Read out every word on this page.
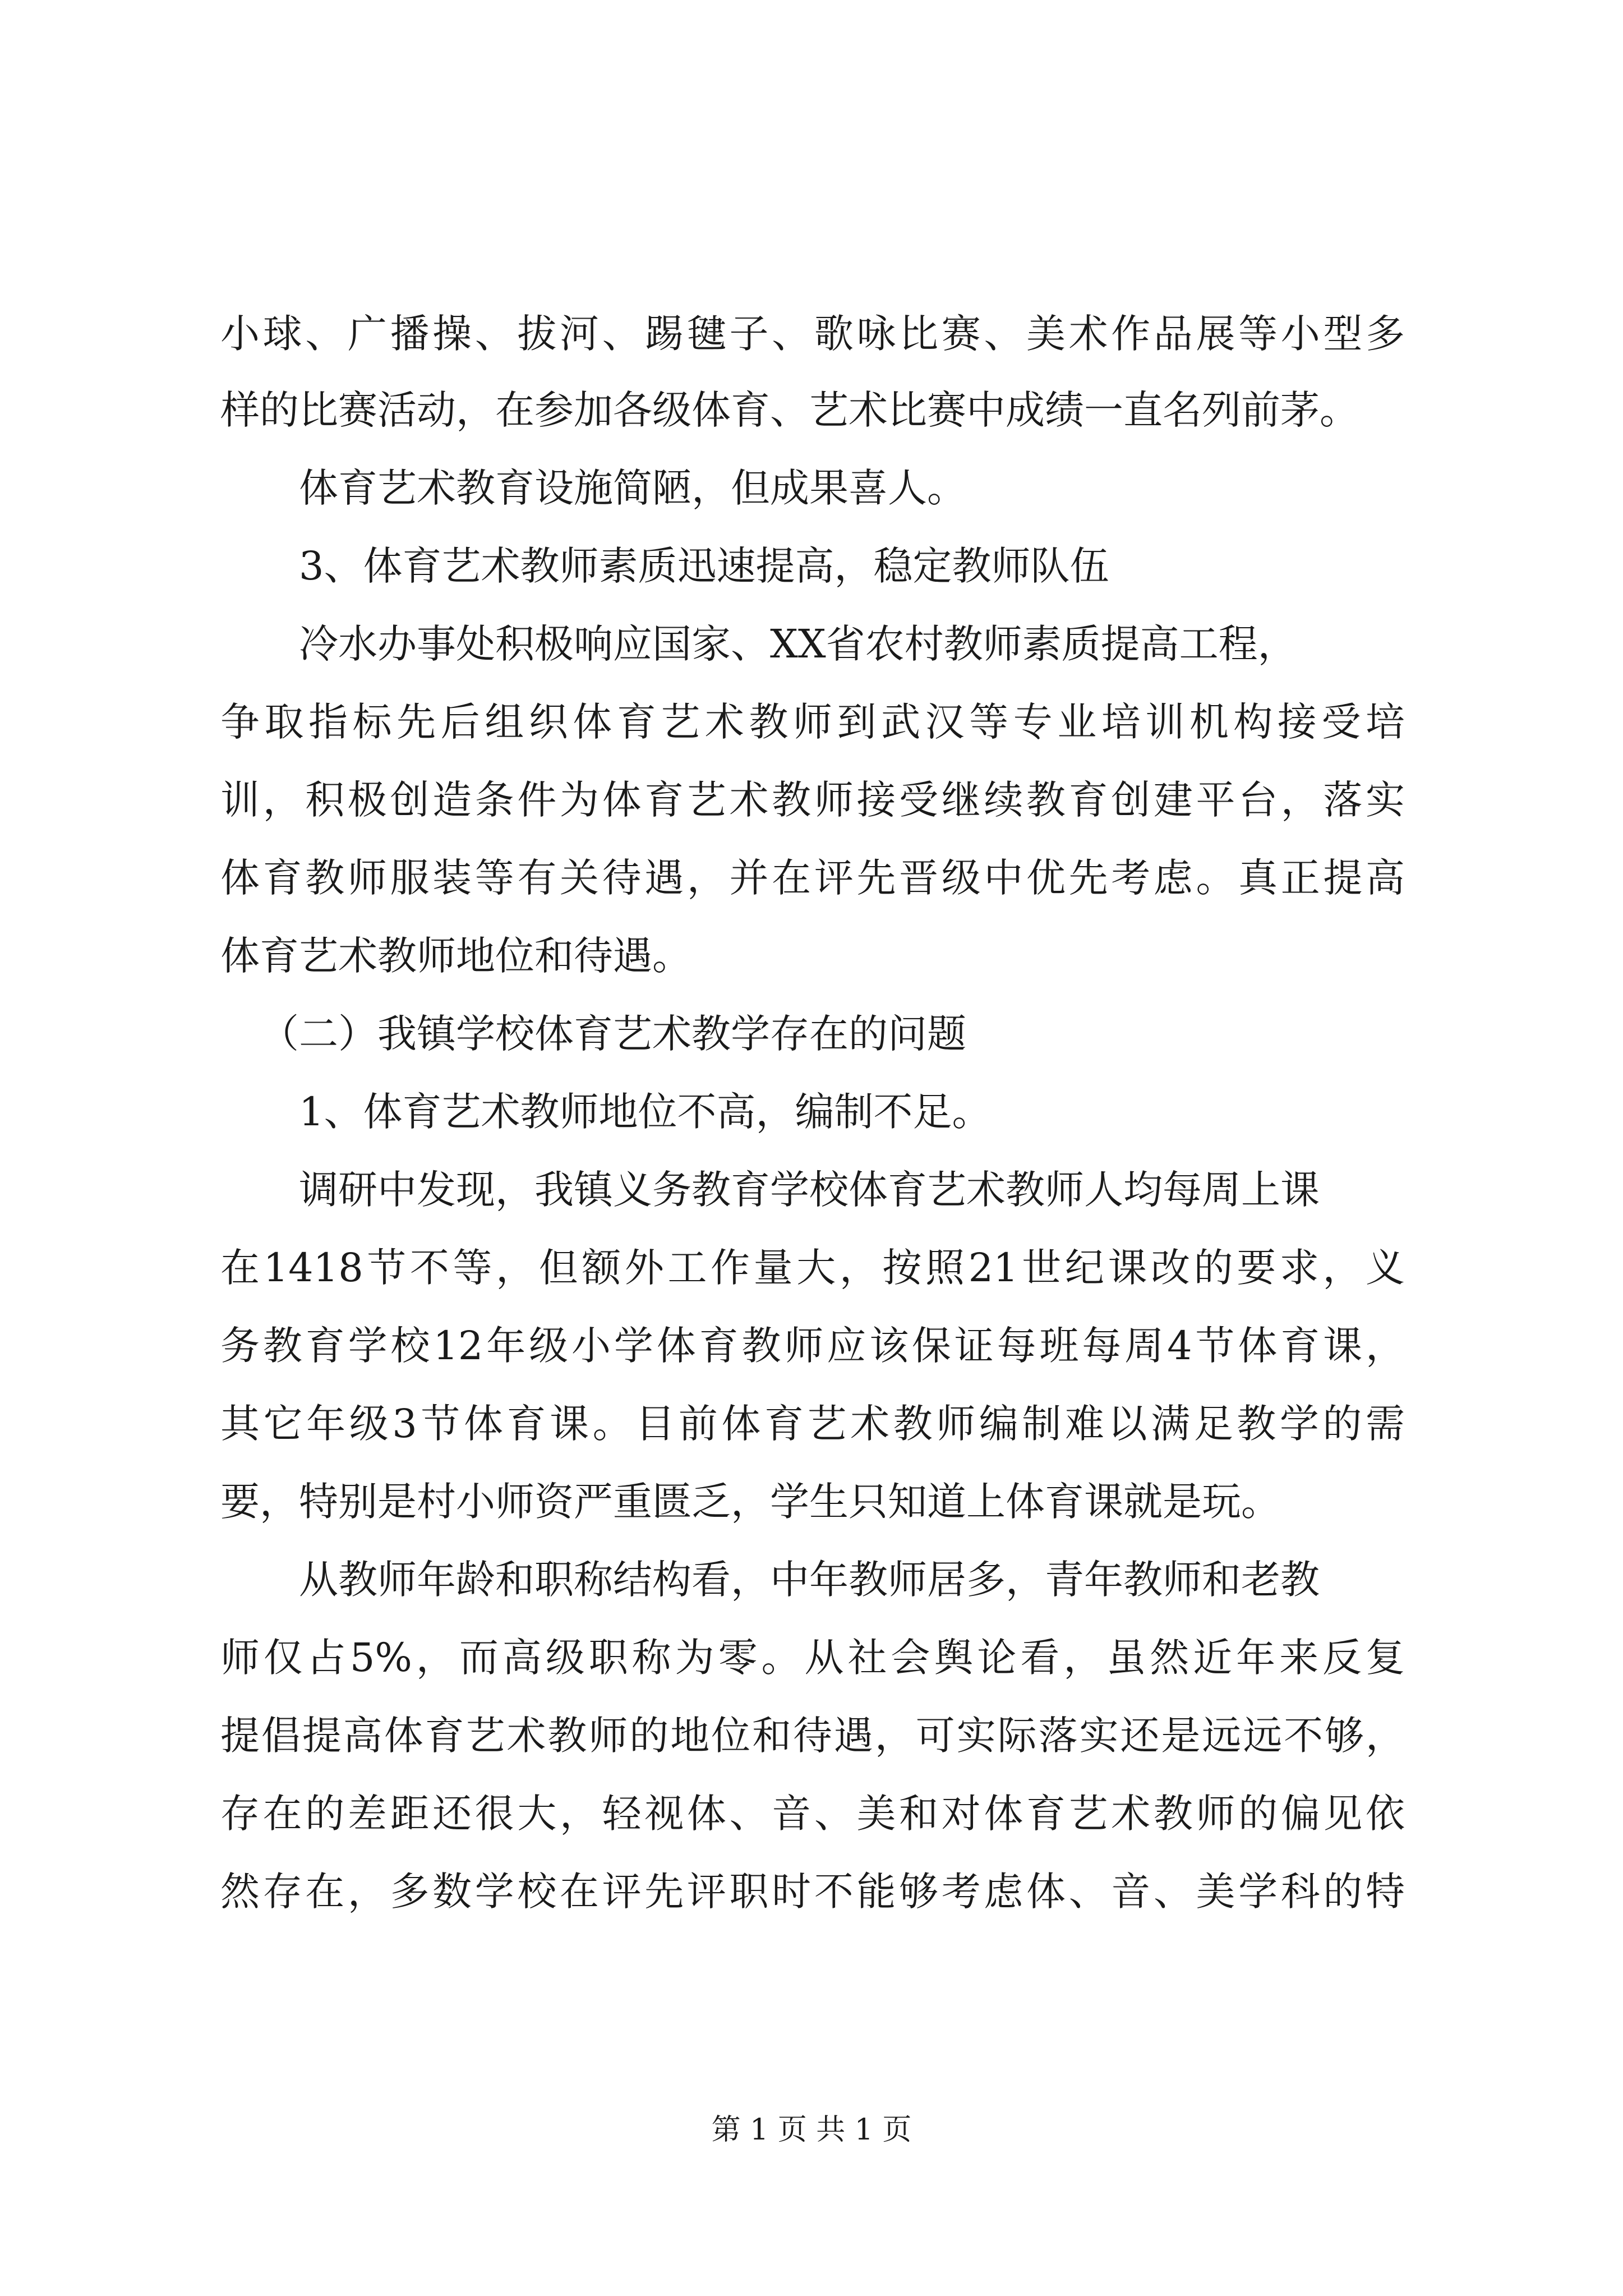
小球、广播操、拔河、踢毽子、歌咏比赛、美术作品展等小型多

样的比赛活动，在参加各级体育、艺术比赛中成绩一直名列前茅。

体育艺术教育设施简陋，但成果喜人。

3、体育艺术教师素质迅速提高，稳定教师队伍

冷水办事处积极响应国家、XX省农村教师素质提高工程，

争取指标先后组织体育艺术教师到武汉等专业培训机构接受培

训，积极创造条件为体育艺术教师接受继续教育创建平台，落实

体育教师服装等有关待遇，并在评先晋级中优先考虑。真正提高

体育艺术教师地位和待遇。

（二）我镇学校体育艺术教学存在的问题

1、体育艺术教师地位不高，编制不足。

调研中发现，我镇义务教育学校体育艺术教师人均每周上课

在1418节不等，但额外工作量大，按照21世纪课改的要求，义

务教育学校12年级小学体育教师应该保证每班每周4节体育课，

其它年级3节体育课。目前体育艺术教师编制难以满足教学的需

要，特别是村小师资严重匮乏，学生只知道上体育课就是玩。

从教师年龄和职称结构看，中年教师居多，青年教师和老教

师仅占5%，而高级职称为零。从社会舆论看，虽然近年来反复

提倡提高体育艺术教师的地位和待遇，可实际落实还是远远不够，

存在的差距还很大，轻视体、音、美和对体育艺术教师的偏见依

然存在，多数学校在评先评职时不能够考虑体、音、美学科的特

第 1 页 共 1 页
